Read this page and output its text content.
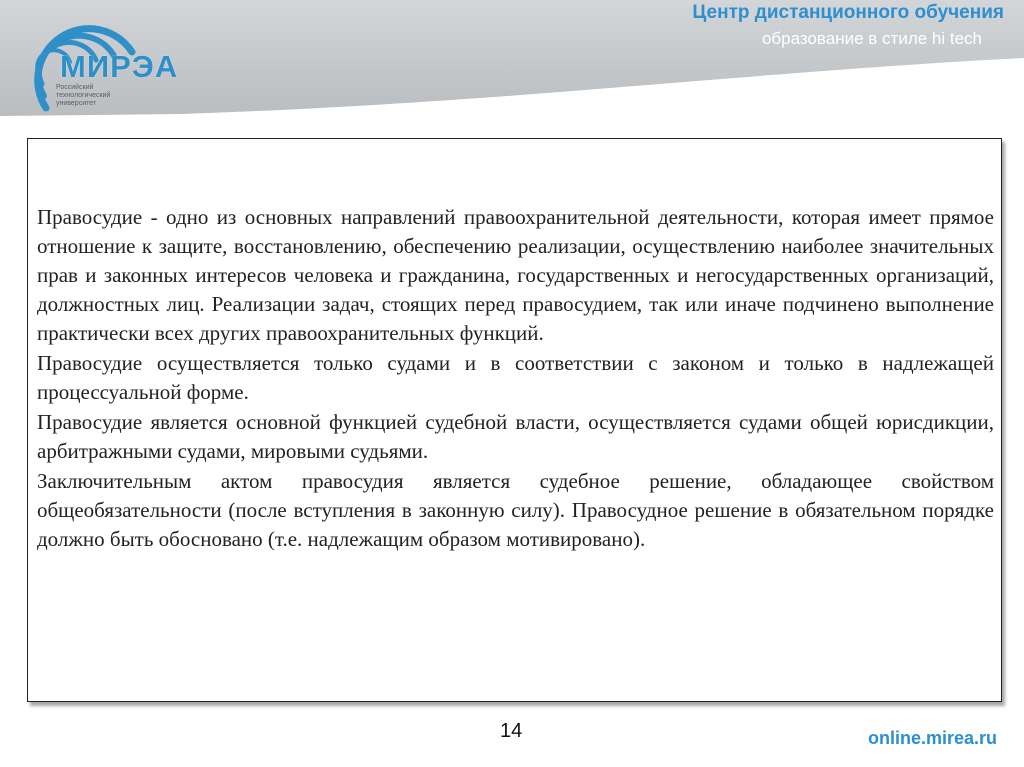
МИРЭА
Российский
технологический
университет
Центр дистанционного обучения
образование в стиле hi tech

Правосудие - одно из основных направлений правоохранительной деятельности, которая имеет прямое отношение к защите, восстановлению, обеспечению реализации, осуществлению наиболее значительных прав и законных интересов человека и гражданина, государственных и негосударственных организаций, должностных лиц. Реализации задач, стоящих перед правосудием, так или иначе подчинено выполнение практически всех других правоохранительных функций.

Правосудие осуществляется только судами и в соответствии с законом и только в надлежащей процессуальной форме.

Правосудие является основной функцией судебной власти, осуществляется судами общей юрисдикции, арбитражными судами, мировыми судьями.

Заключительным актом правосудия является судебное решение, обладающее свойством общеобязательности (после вступления в законную силу). Правосудное решение в обязательном порядке должно быть обосновано (т.е. надлежащим образом мотивировано).

14	online.mirea.ru
